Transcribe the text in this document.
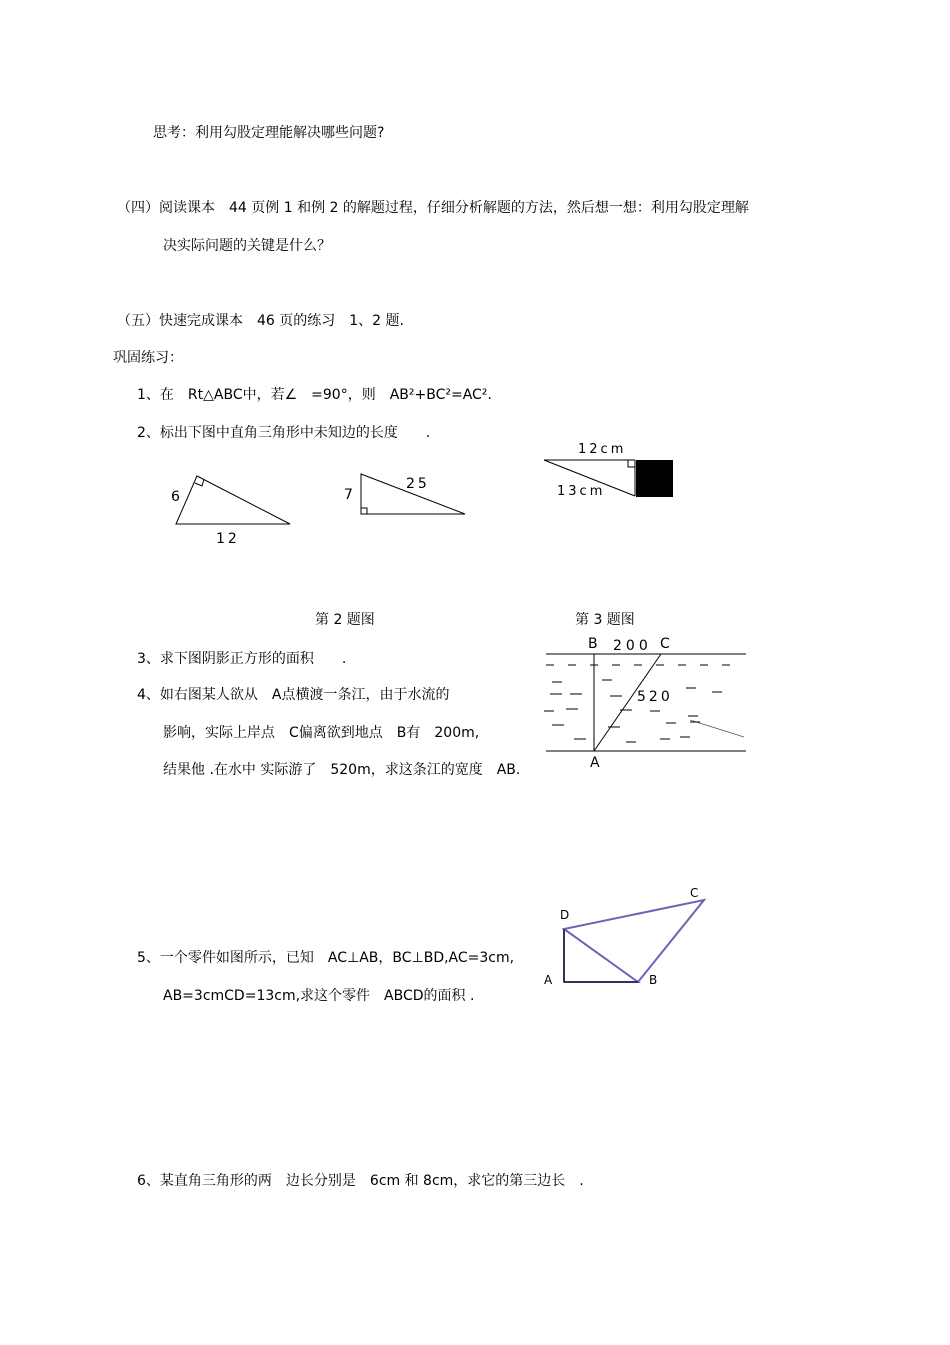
思考：利用勾股定理能解决哪些问题?
（四）阅读课本　44 页例 1 和例 2 的解题过程，仔细分析解题的方法，然后想一想：利用勾股定理解
决实际问题的关键是什么？
（五）快速完成课本　46 页的练习　1、2 题.
巩固练习：
1、在　Rt△ABC中，若∠　=90°，则　AB²+BC²=AC².
2、标出下图中直角三角形中未知边的长度　　.
6
12
7
25
12cm
13cm
第 2 题图	第 3 题图
3、求下图阴影正方形的面积　　.
4、如右图某人欲从　A点横渡一条江，由于水流的
影响，实际上岸点　C偏离欲到地点　B有　200m,
结果他 .在水中 实际游了　520m，求这条江的宽度　AB.
B 200 C
520
A
D
C
A	B
5、一个零件如图所示，已知　AC⊥AB，BC⊥BD,AC=3cm,
AB=3cmCD=13cm,求这个零件　ABCD的面积 .
6、某直角三角形的两　边长分别是　6cm 和 8cm，求它的第三边长　.
